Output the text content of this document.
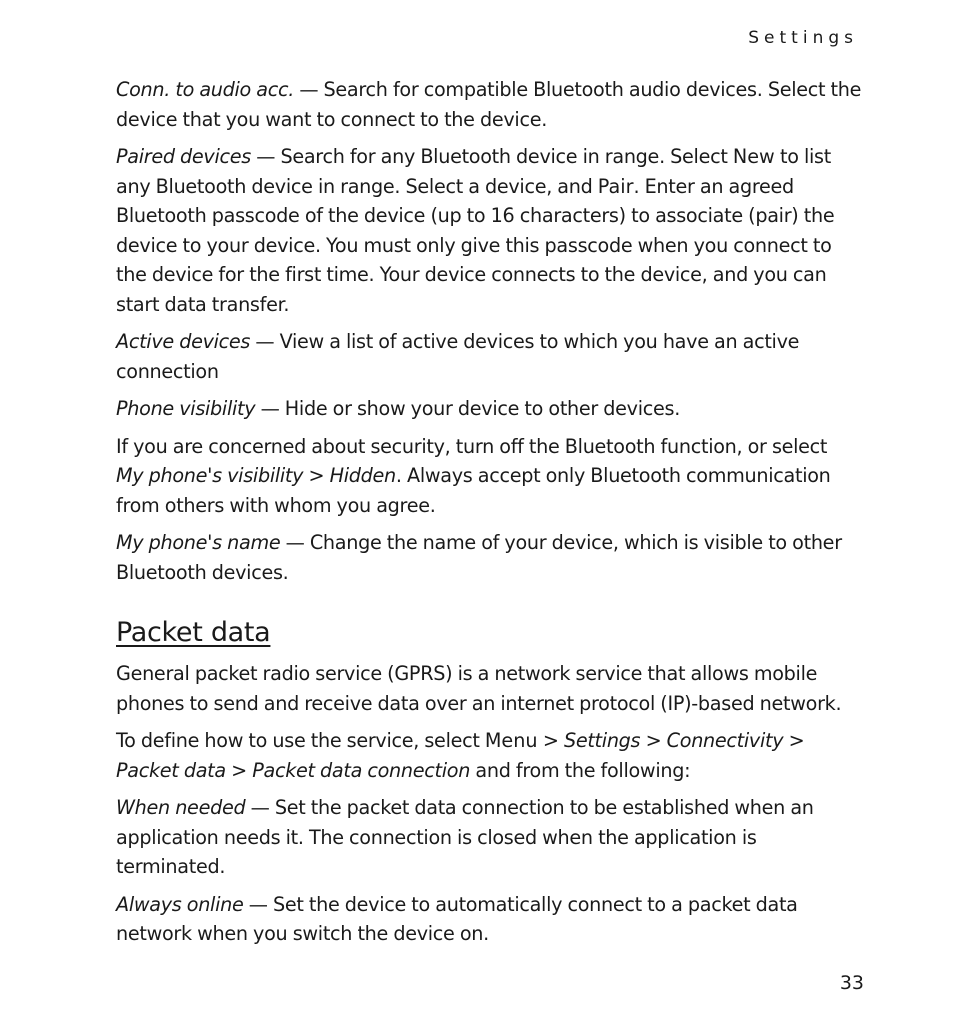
Settings

Conn. to audio acc. — Search for compatible Bluetooth audio devices. Select the device that you want to connect to the device.

Paired devices — Search for any Bluetooth device in range. Select New to list any Bluetooth device in range. Select a device, and Pair. Enter an agreed Bluetooth passcode of the device (up to 16 characters) to associate (pair) the device to your device. You must only give this passcode when you connect to the device for the first time. Your device connects to the device, and you can start data transfer.

Active devices — View a list of active devices to which you have an active connection

Phone visibility — Hide or show your device to other devices.

If you are concerned about security, turn off the Bluetooth function, or select
My phone's visibility > Hidden. Always accept only Bluetooth communication from others with whom you agree.

My phone's name — Change the name of your device, which is visible to other Bluetooth devices.

Packet data

General packet radio service (GPRS) is a network service that allows mobile phones to send and receive data over an internet protocol (IP)-based network.

To define how to use the service, select Menu > Settings > Connectivity >
Packet data > Packet data connection and from the following:

When needed — Set the packet data connection to be established when an application needs it. The connection is closed when the application is terminated.

Always online — Set the device to automatically connect to a packet data network when you switch the device on.

33
